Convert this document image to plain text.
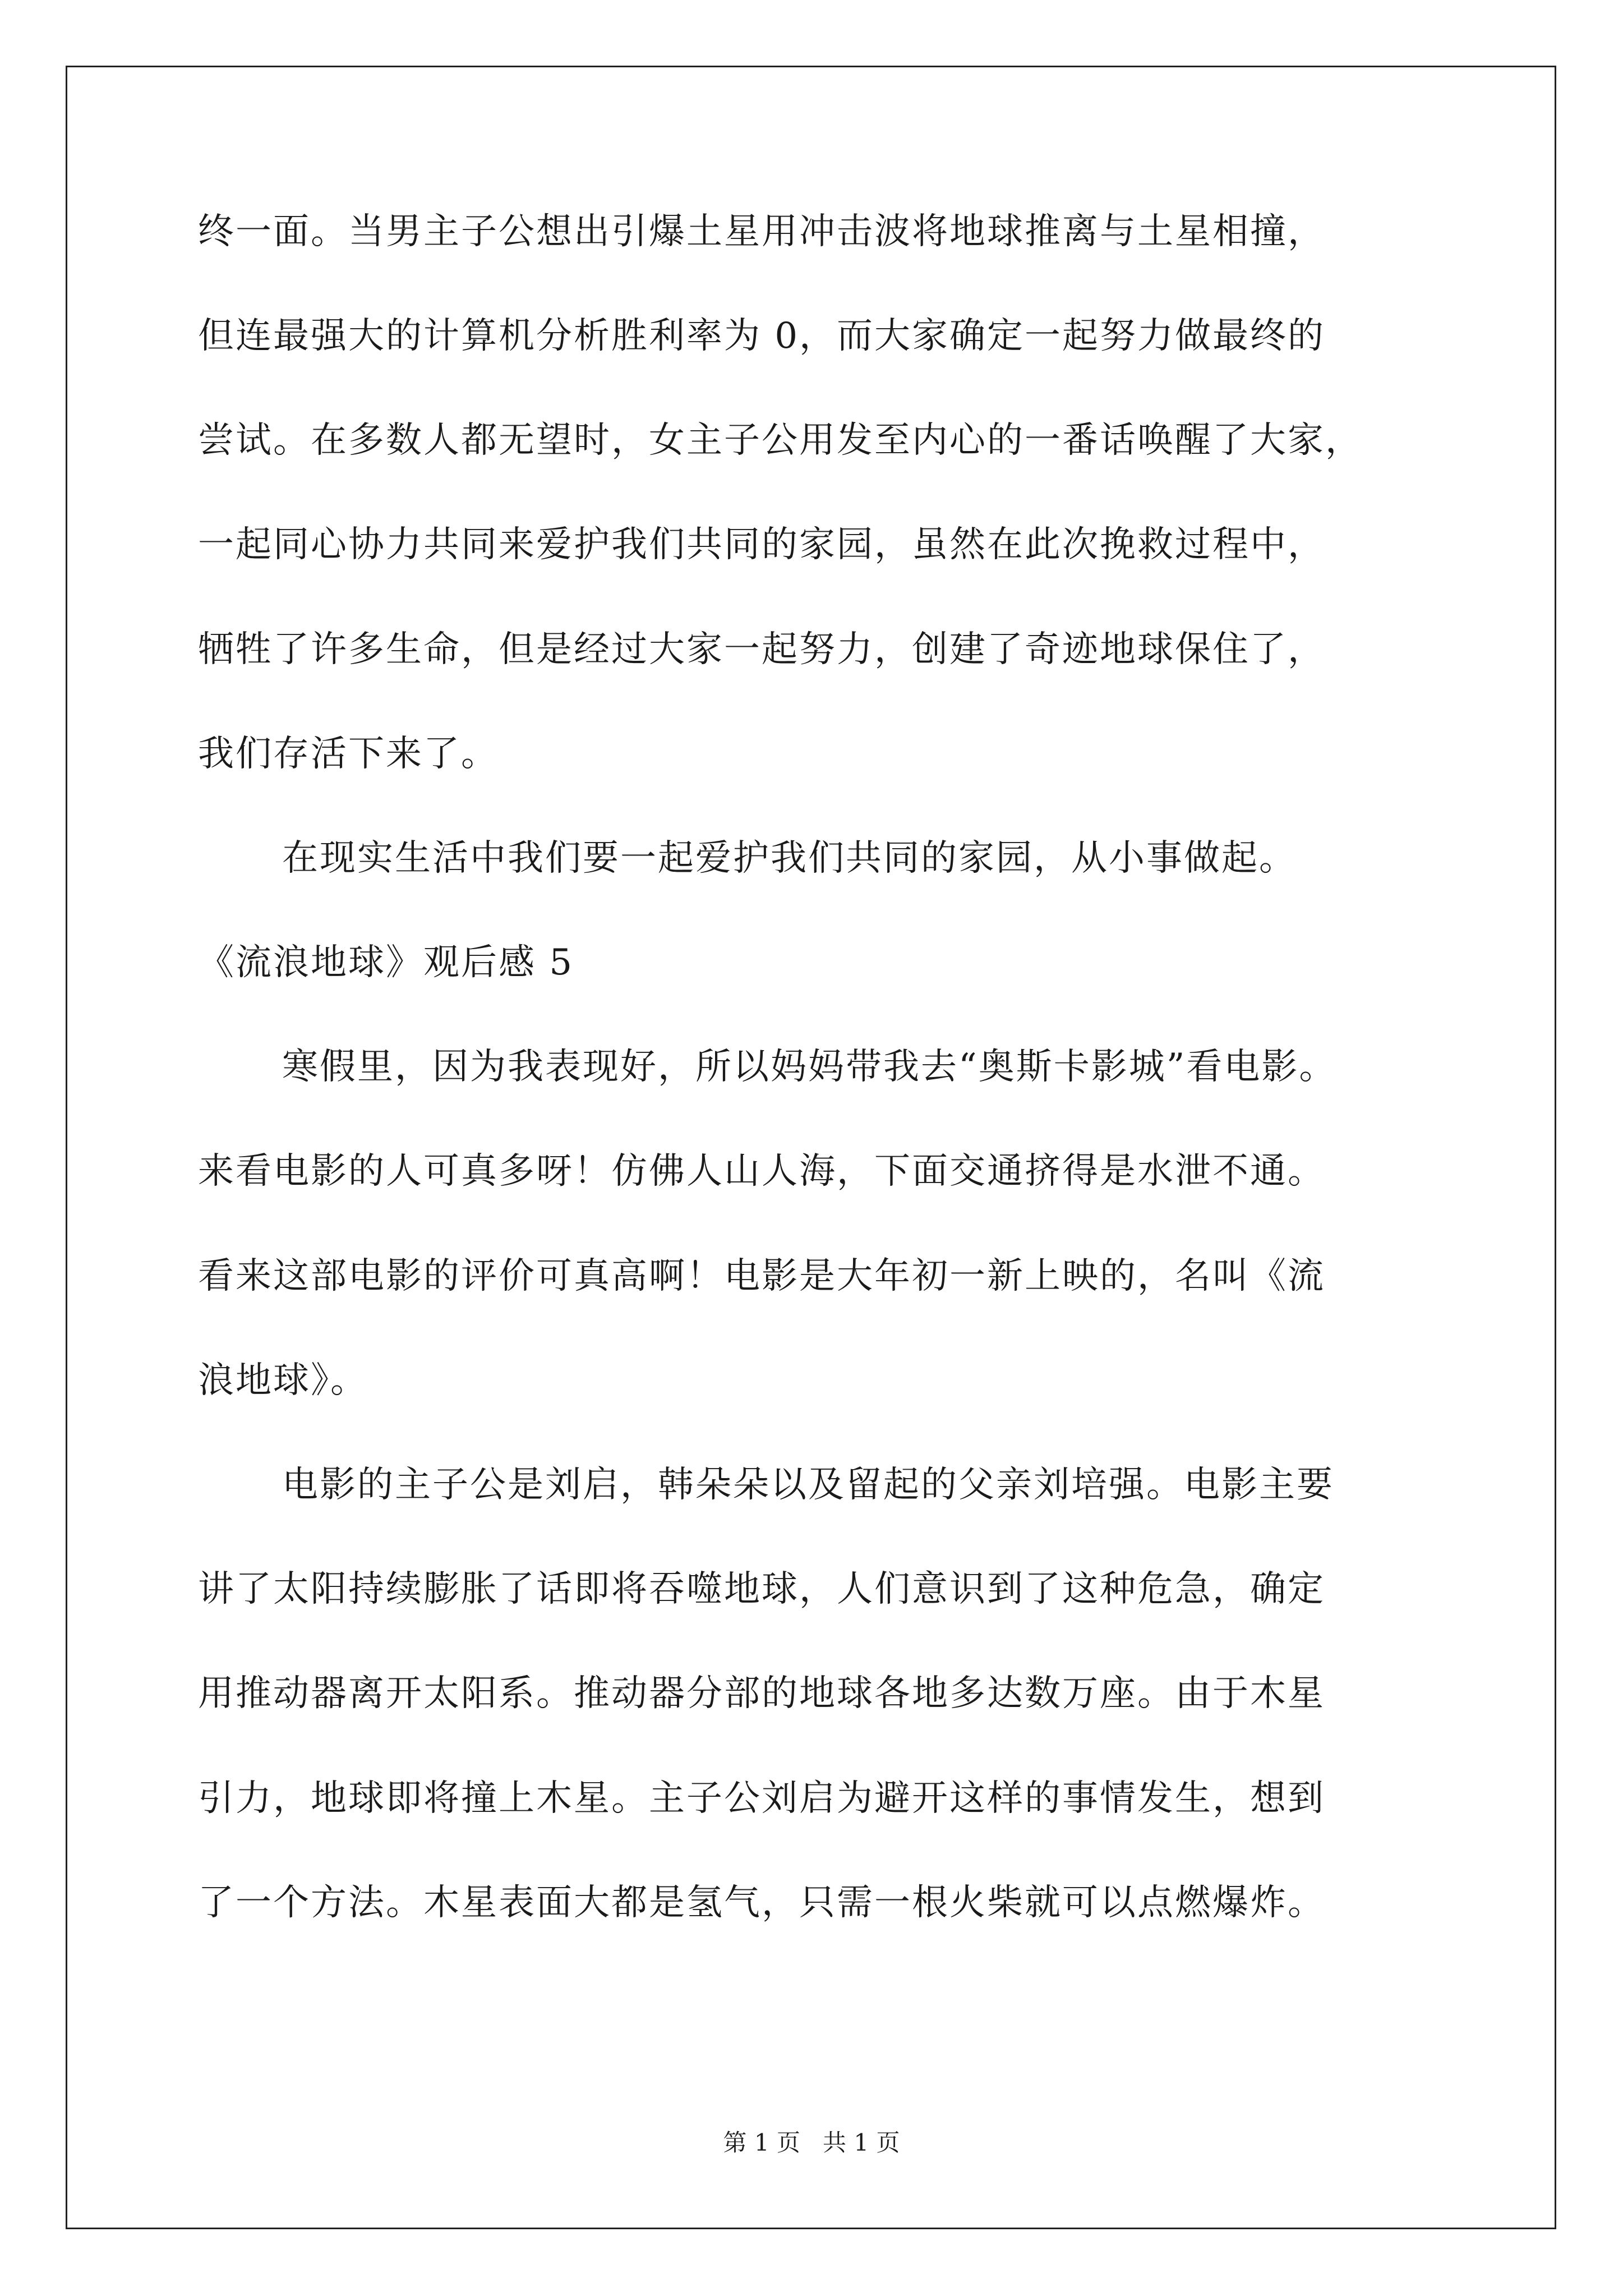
终一面。当男主子公想出引爆土星用冲击波将地球推离与土星相撞，
但连最强大的计算机分析胜利率为 0，而大家确定一起努力做最终的
尝试。在多数人都无望时，女主子公用发至内心的一番话唤醒了大家，
一起同心协力共同来爱护我们共同的家园，虽然在此次挽救过程中，
牺牲了许多生命，但是经过大家一起努力，创建了奇迹地球保住了，
我们存活下来了。
在现实生活中我们要一起爱护我们共同的家园，从小事做起。
《流浪地球》观后感 5
寒假里，因为我表现好，所以妈妈带我去“奥斯卡影城”看电影。
来看电影的人可真多呀！仿佛人山人海，下面交通挤得是水泄不通。
看来这部电影的评价可真高啊！电影是大年初一新上映的，名叫《流
浪地球》。
电影的主子公是刘启，韩朵朵以及留起的父亲刘培强。电影主要
讲了太阳持续膨胀了话即将吞噬地球，人们意识到了这种危急，确定
用推动器离开太阳系。推动器分部的地球各地多达数万座。由于木星
引力，地球即将撞上木星。主子公刘启为避开这样的事情发生，想到
了一个方法。木星表面大都是氢气，只需一根火柴就可以点燃爆炸。
第 1 页   共 1 页
